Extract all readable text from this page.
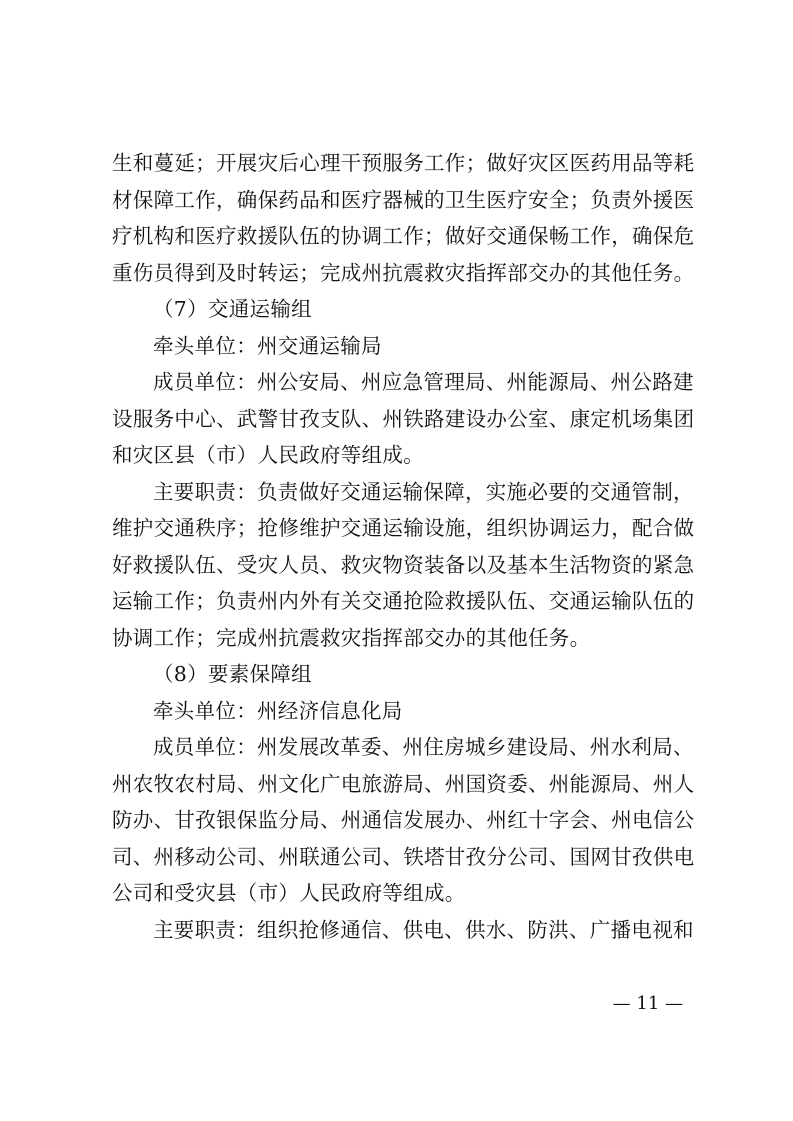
生和蔓延；开展灾后心理干预服务工作；做好灾区医药用品等耗
材保障工作，确保药品和医疗器械的卫生医疗安全；负责外援医
疗机构和医疗救援队伍的协调工作；做好交通保畅工作，确保危
重伤员得到及时转运；完成州抗震救灾指挥部交办的其他任务。
（7）交通运输组
牵头单位：州交通运输局
成员单位：州公安局、州应急管理局、州能源局、州公路建
设服务中心、武警甘孜支队、州铁路建设办公室、康定机场集团
和灾区县（市）人民政府等组成。
主要职责：负责做好交通运输保障，实施必要的交通管制，
维护交通秩序；抢修维护交通运输设施，组织协调运力，配合做
好救援队伍、受灾人员、救灾物资装备以及基本生活物资的紧急
运输工作；负责州内外有关交通抢险救援队伍、交通运输队伍的
协调工作；完成州抗震救灾指挥部交办的其他任务。
（8）要素保障组
牵头单位：州经济信息化局
成员单位：州发展改革委、州住房城乡建设局、州水利局、
州农牧农村局、州文化广电旅游局、州国资委、州能源局、州人
防办、甘孜银保监分局、州通信发展办、州红十字会、州电信公
司、州移动公司、州联通公司、铁塔甘孜分公司、国网甘孜供电
公司和受灾县（市）人民政府等组成。
主要职责：组织抢修通信、供电、供水、防洪、广播电视和
— 11 —
